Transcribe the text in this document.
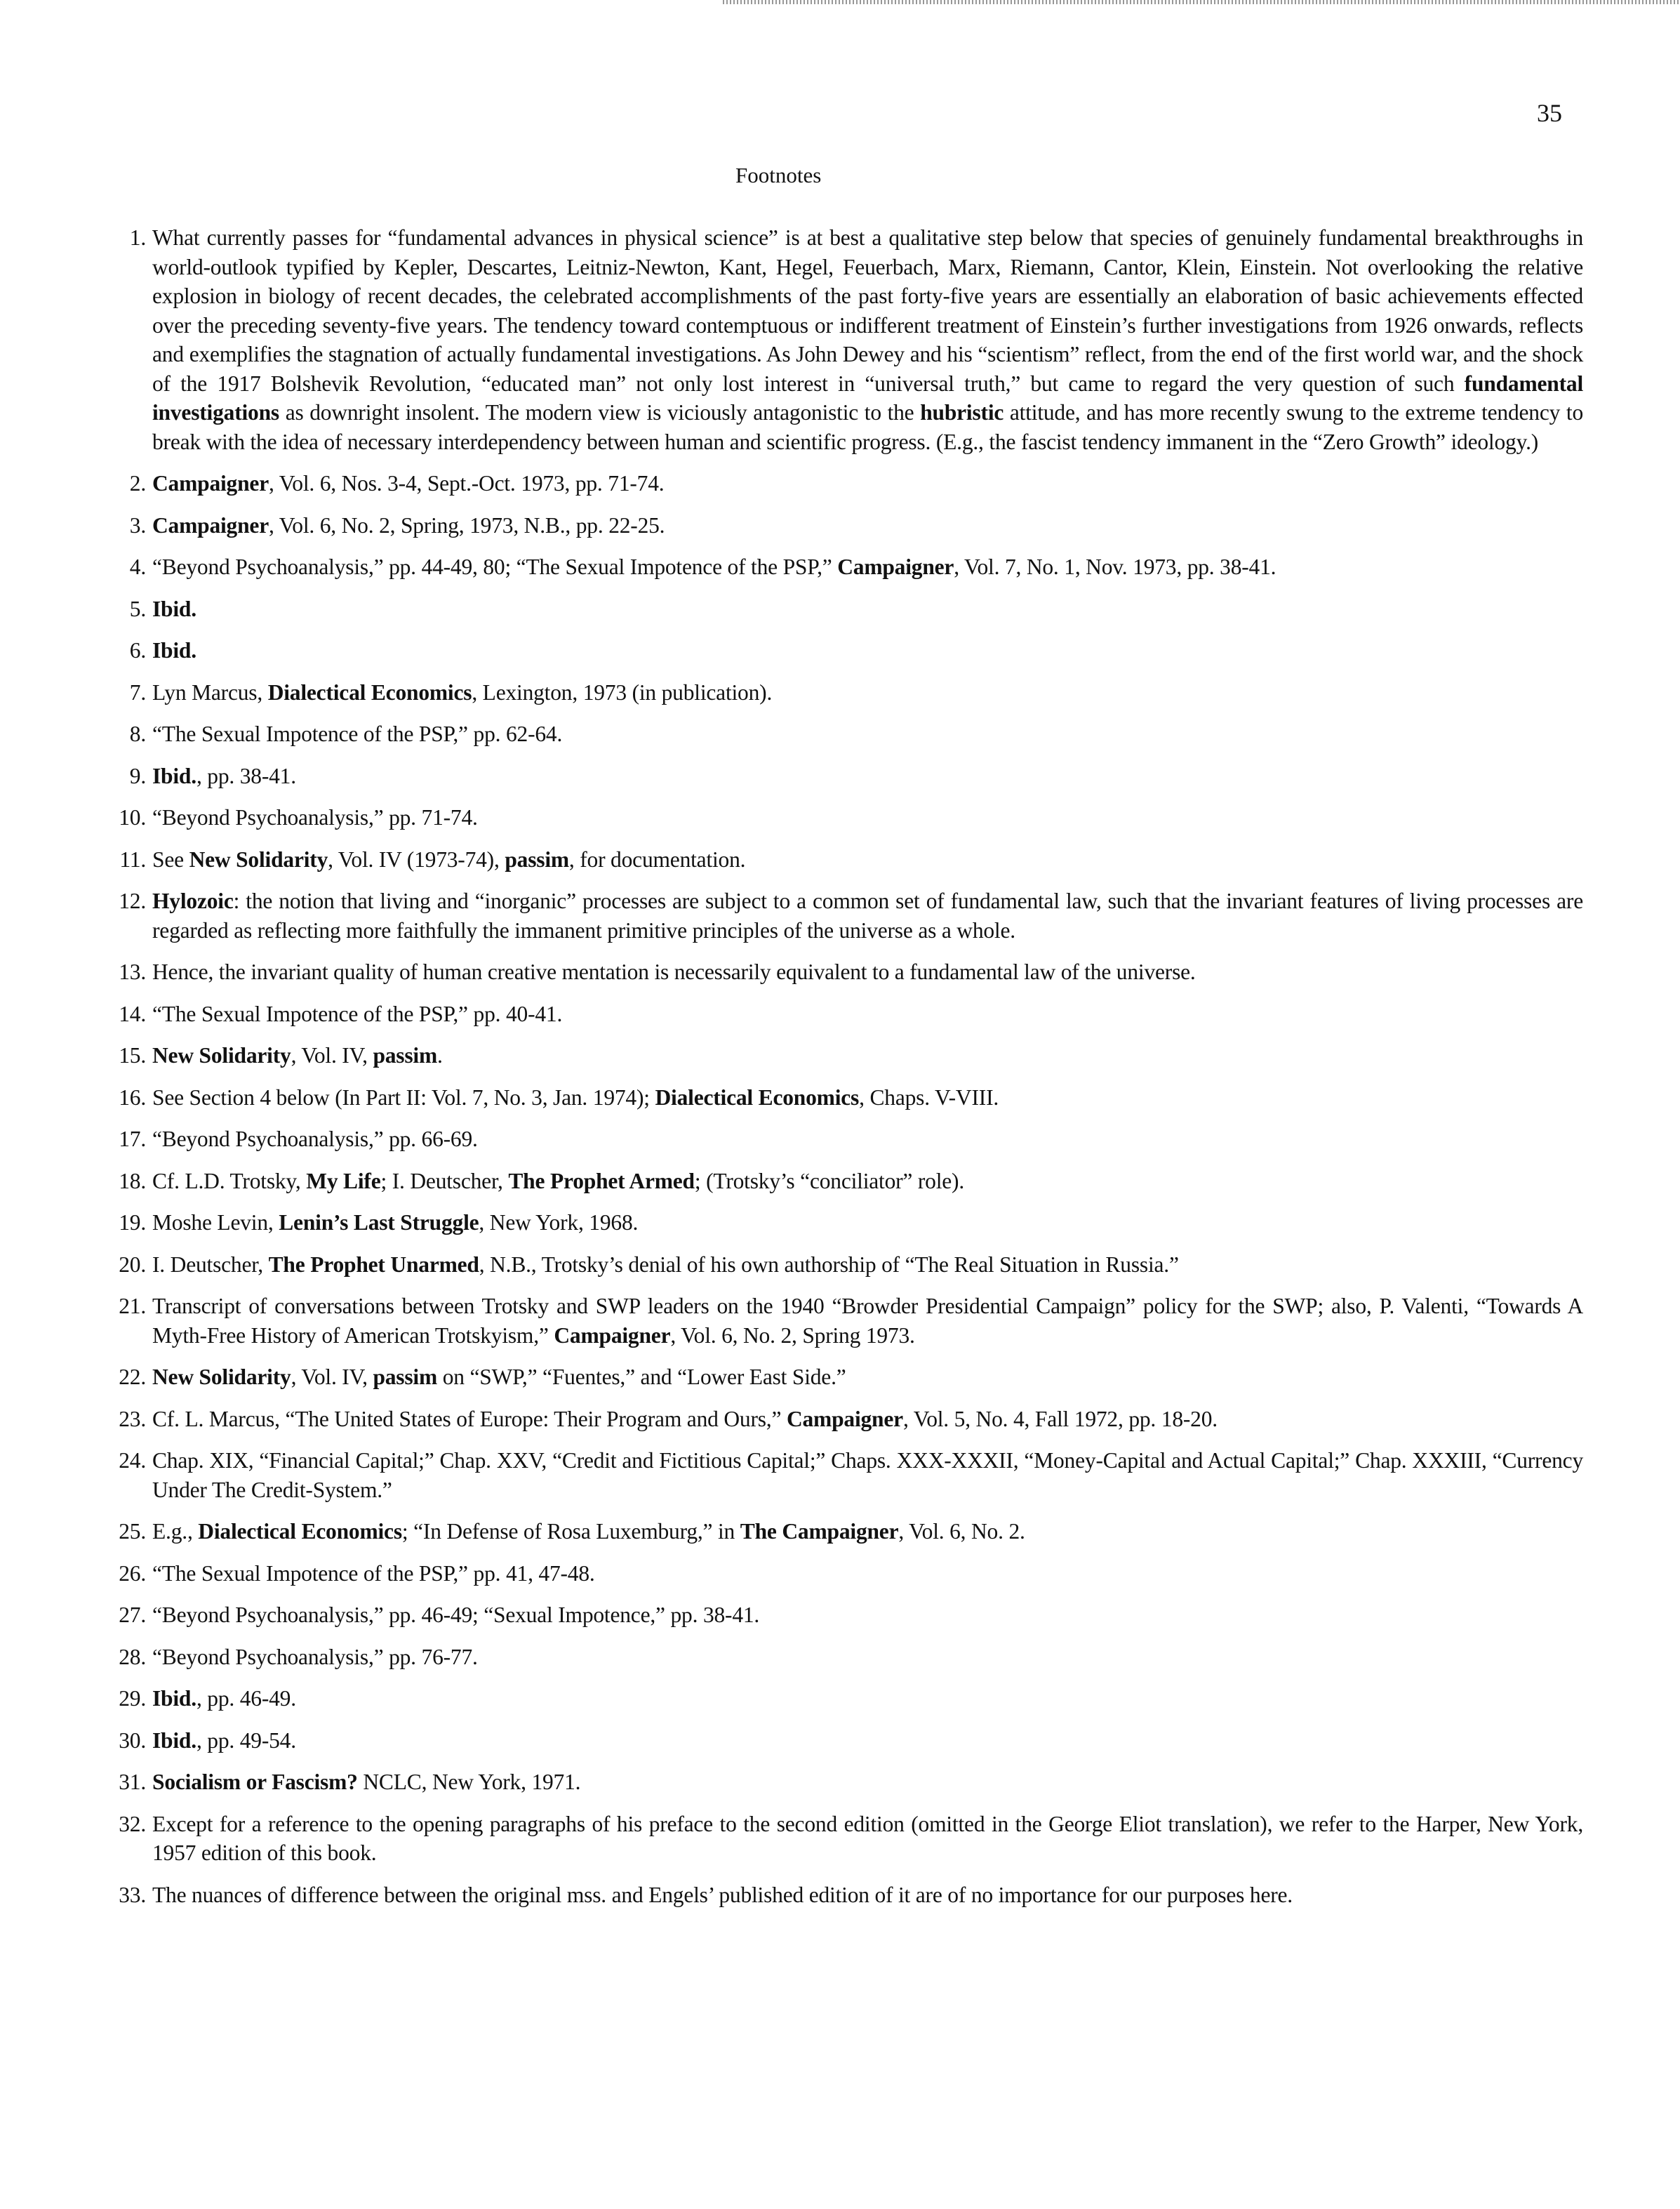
35
Footnotes
1. What currently passes for “fundamental advances in physical science” is at best a qualitative step below that species of genuinely fundamental breakthroughs in world-outlook typified by Kepler, Descartes, Leitniz-Newton, Kant, Hegel, Feuerbach, Marx, Riemann, Cantor, Klein, Einstein. Not overlooking the relative explosion in biology of recent decades, the celebrated accomplishments of the past forty-five years are essentially an elaboration of basic achievements effected over the preceding seventy-five years. The tendency toward contemptuous or indifferent treatment of Einstein’s further investigations from 1926 onwards, reflects and exemplifies the stagnation of actually fundamental investigations. As John Dewey and his “scientism” reflect, from the end of the first world war, and the shock of the 1917 Bolshevik Revolution, “educated man” not only lost interest in “universal truth,” but came to regard the very question of such fundamental investigations as downright insolent. The modern view is viciously antagonistic to the hubristic attitude, and has more recently swung to the extreme tendency to break with the idea of necessary interdependency between human and scientific progress. (E.g., the fascist tendency immanent in the “Zero Growth” ideology.)
2. Campaigner, Vol. 6, Nos. 3-4, Sept.-Oct. 1973, pp. 71-74.
3. Campaigner, Vol. 6, No. 2, Spring, 1973, N.B., pp. 22-25.
4. “Beyond Psychoanalysis,” pp. 44-49, 80; “The Sexual Impotence of the PSP,” Campaigner, Vol. 7, No. 1, Nov. 1973, pp. 38-41.
5. Ibid.
6. Ibid.
7. Lyn Marcus, Dialectical Economics, Lexington, 1973 (in publication).
8. “The Sexual Impotence of the PSP,” pp. 62-64.
9. Ibid., pp. 38-41.
10. “Beyond Psychoanalysis,” pp. 71-74.
11. See New Solidarity, Vol. IV (1973-74), passim, for documentation.
12. Hylozoic: the notion that living and “inorganic” processes are subject to a common set of fundamental law, such that the invariant features of living processes are regarded as reflecting more faithfully the immanent primitive principles of the universe as a whole.
13. Hence, the invariant quality of human creative mentation is necessarily equivalent to a fundamental law of the universe.
14. “The Sexual Impotence of the PSP,” pp. 40-41.
15. New Solidarity, Vol. IV, passim.
16. See Section 4 below (In Part II: Vol. 7, No. 3, Jan. 1974); Dialectical Economics, Chaps. V-VIII.
17. “Beyond Psychoanalysis,” pp. 66-69.
18. Cf. L.D. Trotsky, My Life; I. Deutscher, The Prophet Armed; (Trotsky’s “conciliator” role).
19. Moshe Levin, Lenin’s Last Struggle, New York, 1968.
20. I. Deutscher, The Prophet Unarmed, N.B., Trotsky’s denial of his own authorship of “The Real Situation in Russia.”
21. Transcript of conversations between Trotsky and SWP leaders on the 1940 “Browder Presidential Campaign” policy for the SWP; also, P. Valenti, “Towards A Myth-Free History of American Trotskyism,” Campaigner, Vol. 6, No. 2, Spring 1973.
22. New Solidarity, Vol. IV, passim on “SWP,” “Fuentes,” and “Lower East Side.”
23. Cf. L. Marcus, “The United States of Europe: Their Program and Ours,” Campaigner, Vol. 5, No. 4, Fall 1972, pp. 18-20.
24. Chap. XIX, “Financial Capital;” Chap. XXV, “Credit and Fictitious Capital;” Chaps. XXX-XXXII, “Money-Capital and Actual Capital;” Chap. XXXIII, “Currency Under The Credit-System.”
25. E.g., Dialectical Economics; “In Defense of Rosa Luxemburg,” in The Campaigner, Vol. 6, No. 2.
26. “The Sexual Impotence of the PSP,” pp. 41, 47-48.
27. “Beyond Psychoanalysis,” pp. 46-49; “Sexual Impotence,” pp. 38-41.
28. “Beyond Psychoanalysis,” pp. 76-77.
29. Ibid., pp. 46-49.
30. Ibid., pp. 49-54.
31. Socialism or Fascism? NCLC, New York, 1971.
32. Except for a reference to the opening paragraphs of his preface to the second edition (omitted in the George Eliot translation), we refer to the Harper, New York, 1957 edition of this book.
33. The nuances of difference between the original mss. and Engels’ published edition of it are of no importance for our purposes here.
